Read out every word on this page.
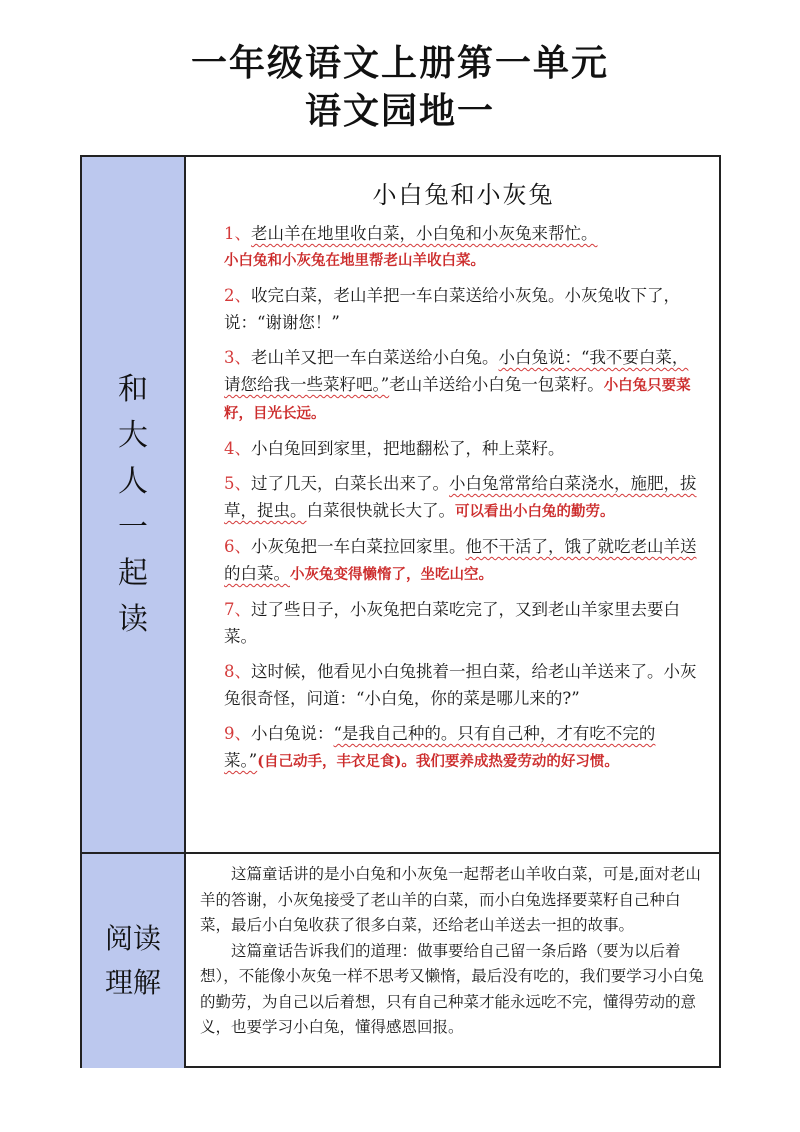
一年级语文上册第一单元
语文园地一
和
大
人
一
起
读
阅读
理解
小白兔和小灰兔

1、老山羊在地里收白菜，小白兔和小灰兔来帮忙。
小白兔和小灰兔在地里帮老山羊收白菜。

2、收完白菜，老山羊把一车白菜送给小灰兔。小灰兔收下了，说：“谢谢您！”

3、老山羊又把一车白菜送给小白兔。小白兔说：“我不要白菜，请您给我一些菜籽吧。”老山羊送给小白兔一包菜籽。小白兔只要菜籽，目光长远。

4、小白兔回到家里，把地翻松了，种上菜籽。

5、过了几天，白菜长出来了。小白兔常常给白菜浇水，施肥，拔草，捉虫。白菜很快就长大了。可以看出小白兔的勤劳。

6、小灰兔把一车白菜拉回家里。他不干活了，饿了就吃老山羊送的白菜。小灰兔变得懒惰了，坐吃山空。

7、过了些日子，小灰兔把白菜吃完了，又到老山羊家里去要白菜。

8、这时候，他看见小白兔挑着一担白菜，给老山羊送来了。小灰兔很奇怪，问道：“小白兔，你的菜是哪儿来的?”

9、小白兔说：“是我自己种的。只有自己种，才有吃不完的菜。”(自己动手，丰衣足食)。我们要养成热爱劳动的好习惯。

这篇童话讲的是小白兔和小灰兔一起帮老山羊收白菜，可是,面对老山羊的答谢，小灰兔接受了老山羊的白菜，而小白兔选择要菜籽自己种白菜，最后小白兔收获了很多白菜，还给老山羊送去一担的故事。

这篇童话告诉我们的道理：做事要给自己留一条后路（要为以后着想），不能像小灰兔一样不思考又懒惰，最后没有吃的，我们要学习小白兔的勤劳，为自己以后着想，只有自己种菜才能永远吃不完，懂得劳动的意义，也要学习小白兔，懂得感恩回报。
